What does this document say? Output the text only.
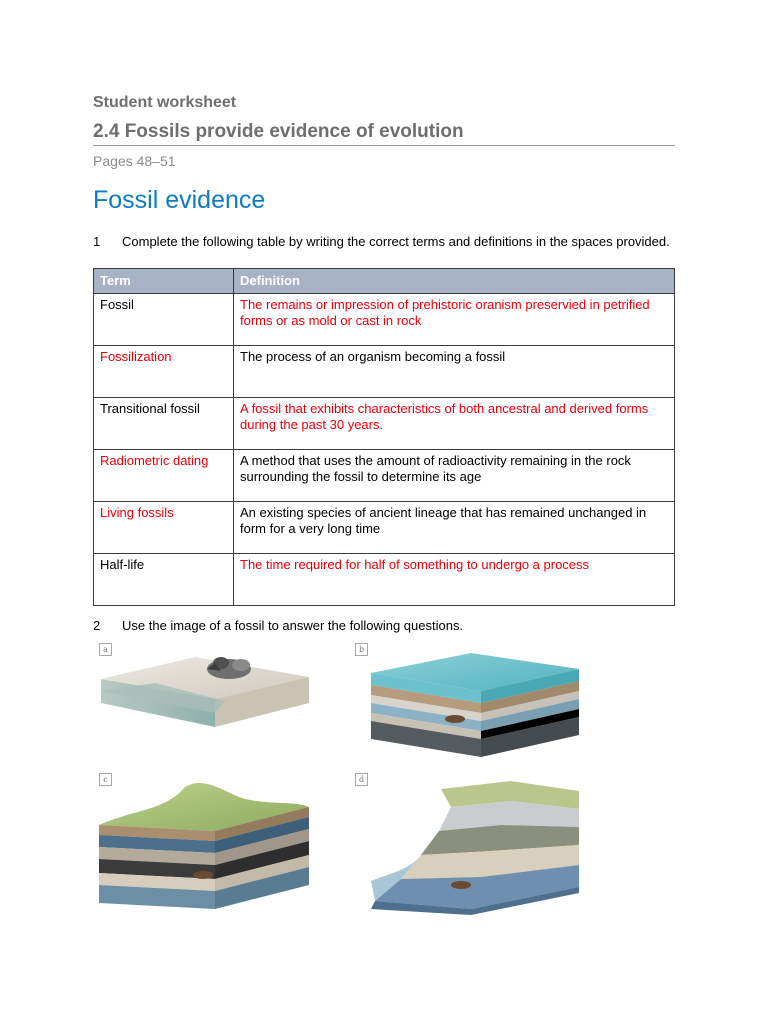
Student worksheet
2.4 Fossils provide evidence of evolution
Pages 48–51
Fossil evidence
1 Complete the following table by writing the correct terms and definitions in the spaces provided.
Term	Definition
Fossil	The remains or impression of prehistoric oranism preservied in petrified forms or as mold or cast in rock
Fossilization	The process of an organism becoming a fossil
Transitional fossil	A fossil that exhibits characteristics of both ancestral and derived forms during the past 30 years.
Radiometric dating	A method that uses the amount of radioactivity remaining in the rock surrounding the fossil to determine its age
Living fossils	An existing species of ancient lineage that has remained unchanged in form for a very long time
Half-life	The time required for half of something to undergo a process
2 Use the image of a fossil to answer the following questions.
a	b
c	d
